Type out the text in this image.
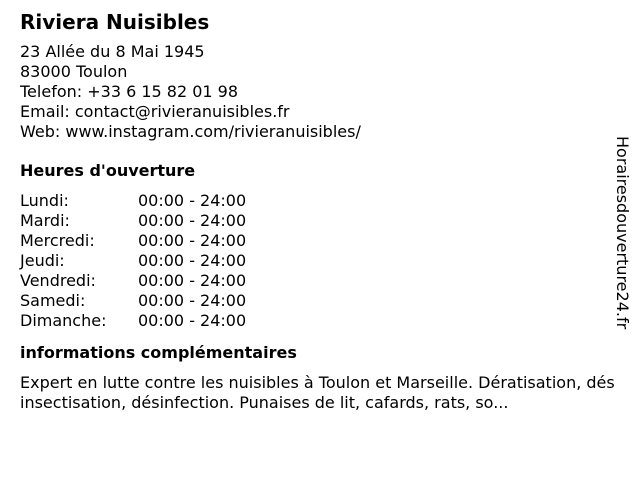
Riviera Nuisibles
23 Allée du 8 Mai 1945
83000 Toulon
Telefon: +33 6 15 82 01 98
Email: contact@rivieranuisibles.fr
Web: www.instagram.com/rivieranuisibles/
Heures d'ouverture
Lundi:	00:00 - 24:00
Mardi:	00:00 - 24:00
Mercredi:	00:00 - 24:00
Jeudi:	00:00 - 24:00
Vendredi:	00:00 - 24:00
Samedi:	00:00 - 24:00
Dimanche:	00:00 - 24:00
informations complémentaires
Expert en lutte contre les nuisibles à Toulon et Marseille. Dératisation, désinsectisation, désinfection. Punaises de lit, cafards, rats, so...
Horairesdouverture24.fr
